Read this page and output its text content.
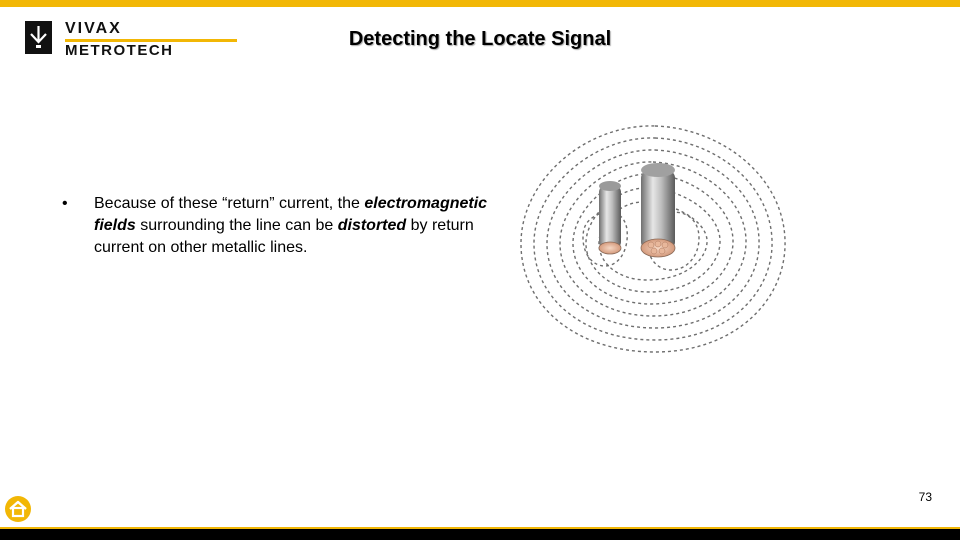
VIVAX
METROTECH
Detecting the Locate Signal
•	Because of these “return” current, the electromagnetic fields surrounding the line can be distorted by return current on other metallic lines.
73
